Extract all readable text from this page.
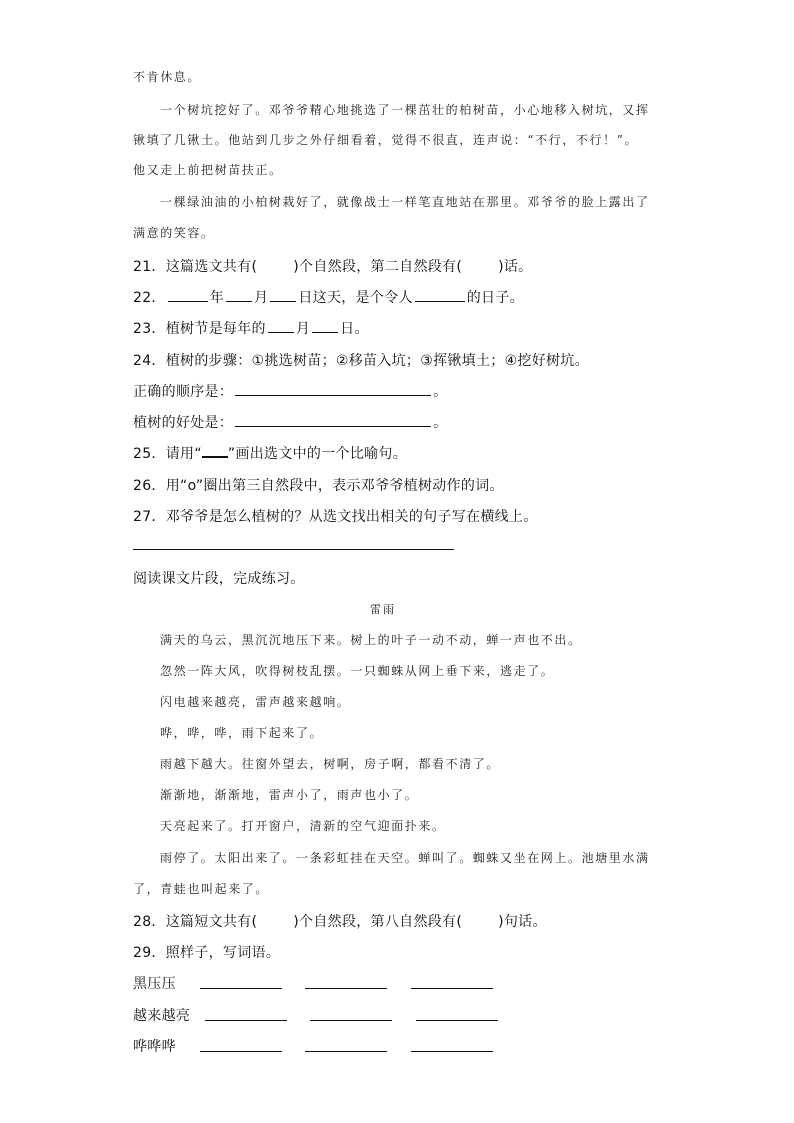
不肯休息。
一个树坑挖好了。邓爷爷精心地挑选了一棵茁壮的柏树苗，小心地移入树坑，又挥
锹填了几锹土。他站到几步之外仔细看着，觉得不很直，连声说：“不行，不行！”。
他又走上前把树苗扶正。
一棵绿油油的小柏树栽好了，就像战士一样笔直地站在那里。邓爷爷的脸上露出了
满意的笑容。
21．这篇选文共有(	)个自然段，第二自然段有(	)话。
22．	年 月 日这天，是个令人	的日子。
23．植树节是每年的 月 日。
24．植树的步骤：①挑选树苗；②移苗入坑；③挥锹填土；④挖好树坑。
正确的顺序是：	。
植树的好处是：	。
25．请用“ ”画出选文中的一个比喻句。
26．用“o”圈出第三自然段中，表示邓爷爷植树动作的词。
27．邓爷爷是怎么植树的？从选文找出相关的句子写在横线上。
阅读课文片段，完成练习。
雷雨
满天的乌云，黑沉沉地压下来。树上的叶子一动不动，蝉一声也不出。
忽然一阵大风，吹得树枝乱摆。一只蜘蛛从网上垂下来，逃走了。
闪电越来越亮，雷声越来越响。
哗，哗，哗，雨下起来了。
雨越下越大。往窗外望去，树啊，房子啊，都看不清了。
渐渐地，渐渐地，雷声小了，雨声也小了。
天亮起来了。打开窗户，清新的空气迎面扑来。
雨停了。太阳出来了。一条彩虹挂在天空。蝉叫了。蜘蛛又坐在网上。池塘里水满
了，青蛙也叫起来了。
28．这篇短文共有(	)个自然段，第八自然段有(	)句话。
29．照样子，写词语。
黑压压
越来越亮
哗哗哗
